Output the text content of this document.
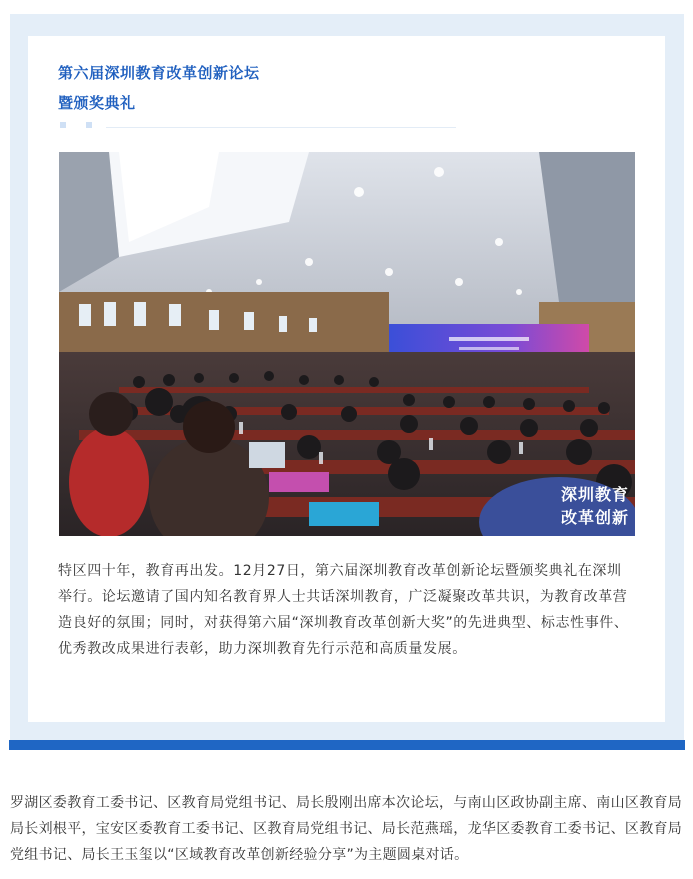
第六届深圳教育改革创新论坛
暨颁奖典礼
深圳教育
改革创新
特区四十年，教育再出发。12月27日，第六届深圳教育改革创新论坛暨颁奖典礼在深圳举行。论坛邀请了国内知名教育界人士共话深圳教育，广泛凝聚改革共识，为教育改革营造良好的氛围；同时，对获得第六届“深圳教育改革创新大奖”的先进典型、标志性事件、优秀教改成果进行表彰，助力深圳教育先行示范和高质量发展。
罗湖区委教育工委书记、区教育局党组书记、局长殷刚出席本次论坛，与南山区政协副主席、南山区教育局局长刘根平，宝安区委教育工委书记、区教育局党组书记、局长范燕瑶，龙华区委教育工委书记、区教育局党组书记、局长王玉玺以“区域教育改革创新经验分享”为主题圆桌对话。
